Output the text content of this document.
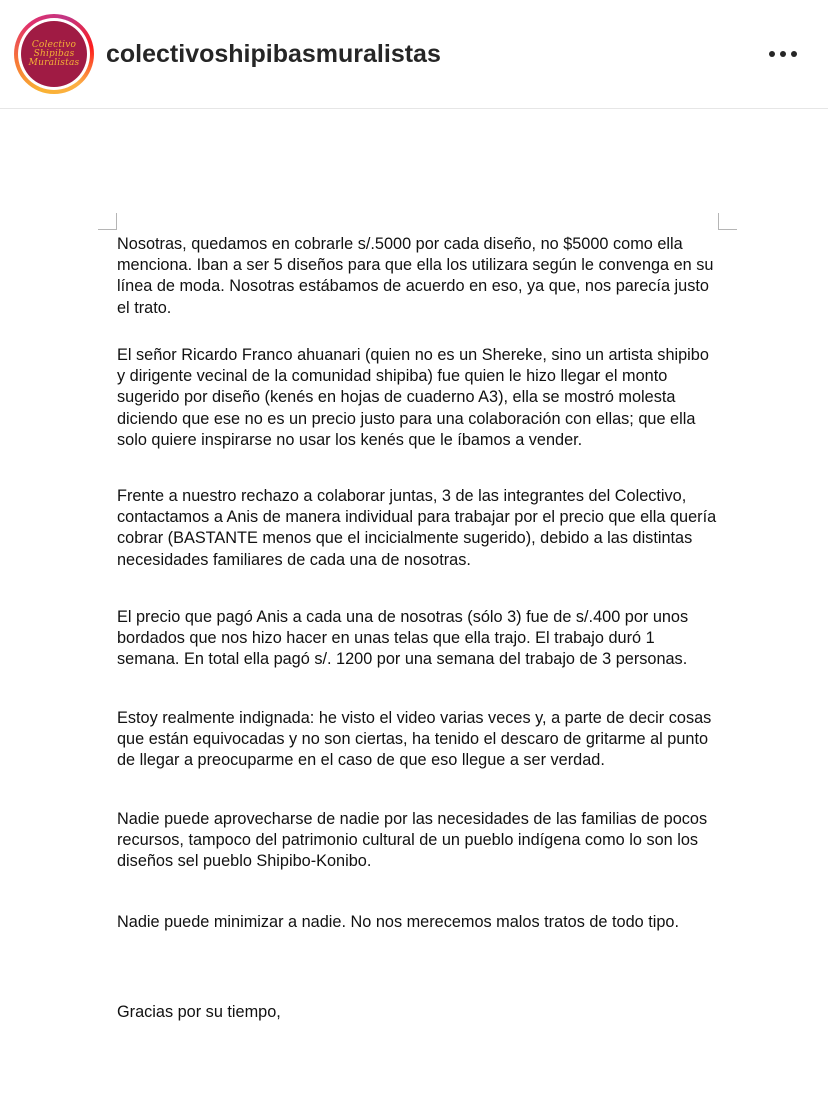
Colectivo
Shipibas
Muralistas colectivoshipibasmuralistas

Nosotras, quedamos en cobrarle s/.5000 por cada diseño, no $5000 como ella menciona. Iban a ser 5 diseños para que ella los utilizara según le convenga en su línea de moda. Nosotras estábamos de acuerdo en eso, ya que, nos parecía justo el trato.

El señor Ricardo Franco ahuanari (quien no es un Shereke, sino un artista shipibo y dirigente vecinal de la comunidad shipiba) fue quien le hizo llegar el monto sugerido por diseño (kenés en hojas de cuaderno A3), ella se mostró molesta diciendo que ese no es un precio justo para una colaboración con ellas; que ella solo quiere inspirarse no usar los kenés que le íbamos a vender.

Frente a nuestro rechazo a colaborar juntas, 3 de las integrantes del Colectivo, contactamos a Anis de manera individual para trabajar por el precio que ella quería cobrar (BASTANTE menos que el incicialmente sugerido), debido a las distintas necesidades familiares de cada una de nosotras.

El precio que pagó Anis a cada una de nosotras (sólo 3) fue de s/.400 por unos bordados que nos hizo hacer en unas telas que ella trajo. El trabajo duró 1 semana. En total ella pagó s/. 1200 por una semana del trabajo de 3 personas.

Estoy realmente indignada: he visto el video varias veces y, a parte de decir cosas que están equivocadas y no son ciertas, ha tenido el descaro de gritarme al punto de llegar a preocuparme en el caso de que eso llegue a ser verdad.

Nadie puede aprovecharse de nadie por las necesidades de las familias de pocos recursos, tampoco del patrimonio cultural de un pueblo indígena como lo son los diseños sel pueblo Shipibo-Konibo.

Nadie puede minimizar a nadie. No nos merecemos malos tratos de todo tipo.

Gracias por su tiempo,
